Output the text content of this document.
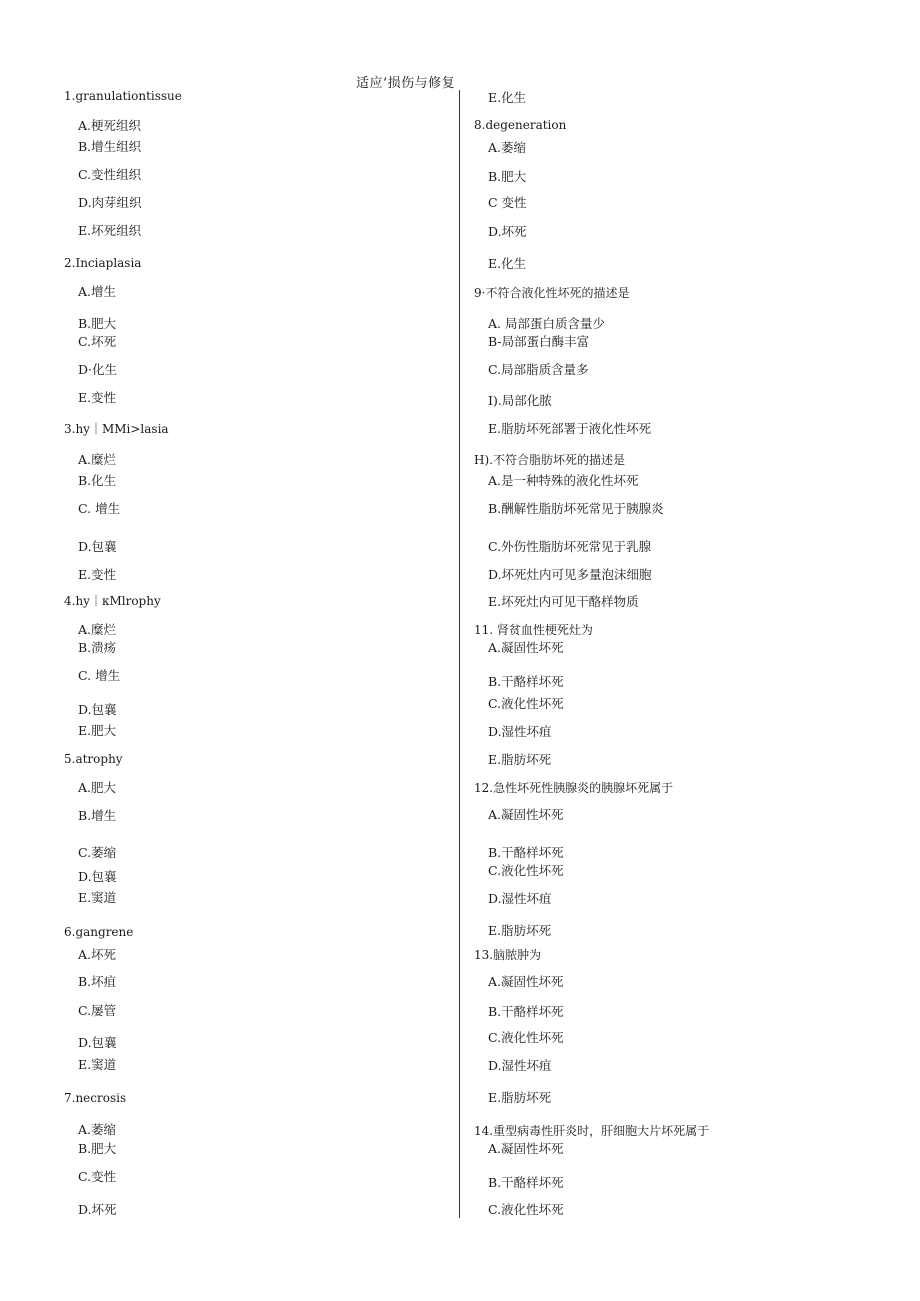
适应’损伤与修复
1.granulationtissue
A.梗死组织
B.增生组织
C.变性组织
D.肉芽组织
E.坏死组织
2.Inciaplasia
A.增生
B.肥大
C.坏死
D·化生
E.变性
3.hy｜MMi>lasia
A.糜烂
B.化生
C. 增生
D.包襄
E.变性
4.hy｜κMlrophy
A.糜烂
B.溃疡
C. 增生
D.包襄
E.肥大
5.atrophy
A.肥大
B.增生
C.萎缩
D.包襄
E.窦道
6.gangrene
A.坏死
B.坏疽
C.屡管
D.包襄
E.窦道
7.necrosis
A.萎缩
B.肥大
C.变性
D.坏死
E.化生
8.degeneration
A.萎缩
B.肥大
C 变性
D.坏死
E.化生
9·不符合液化性坏死的描述是
A. 局部蛋白质含量少
B-局部蛋白酶丰富
C.局部脂质含量多
I).局部化脓
E.脂肪坏死部署于液化性坏死
H).不符合脂肪坏死的描述是
A.是一种特殊的液化性坏死
B.酬解性脂肪坏死常见于胰腺炎
C.外伤性脂肪坏死常见于乳腺
D.坏死灶内可见多量泡沫细胞
E.坏死灶内可见干酪样物质
11. 肾贫血性梗死灶为
A.凝固性坏死
B.干酪样坏死
C.液化性坏死
D.湿性坏疽
E.脂肪坏死
12.急性坏死性胰腺炎的胰腺坏死属于
A.凝固性坏死
B.干酪样坏死
C.液化性坏死
D.湿性坏疽
E.脂肪坏死
13.脑脓肿为
A.凝固性坏死
B.干酪样坏死
C.液化性坏死
D.湿性坏疽
E.脂肪坏死
14.重型病毒性肝炎时，肝细胞大片坏死属于
A.凝固性坏死
B.干酪样坏死
C.液化性坏死
